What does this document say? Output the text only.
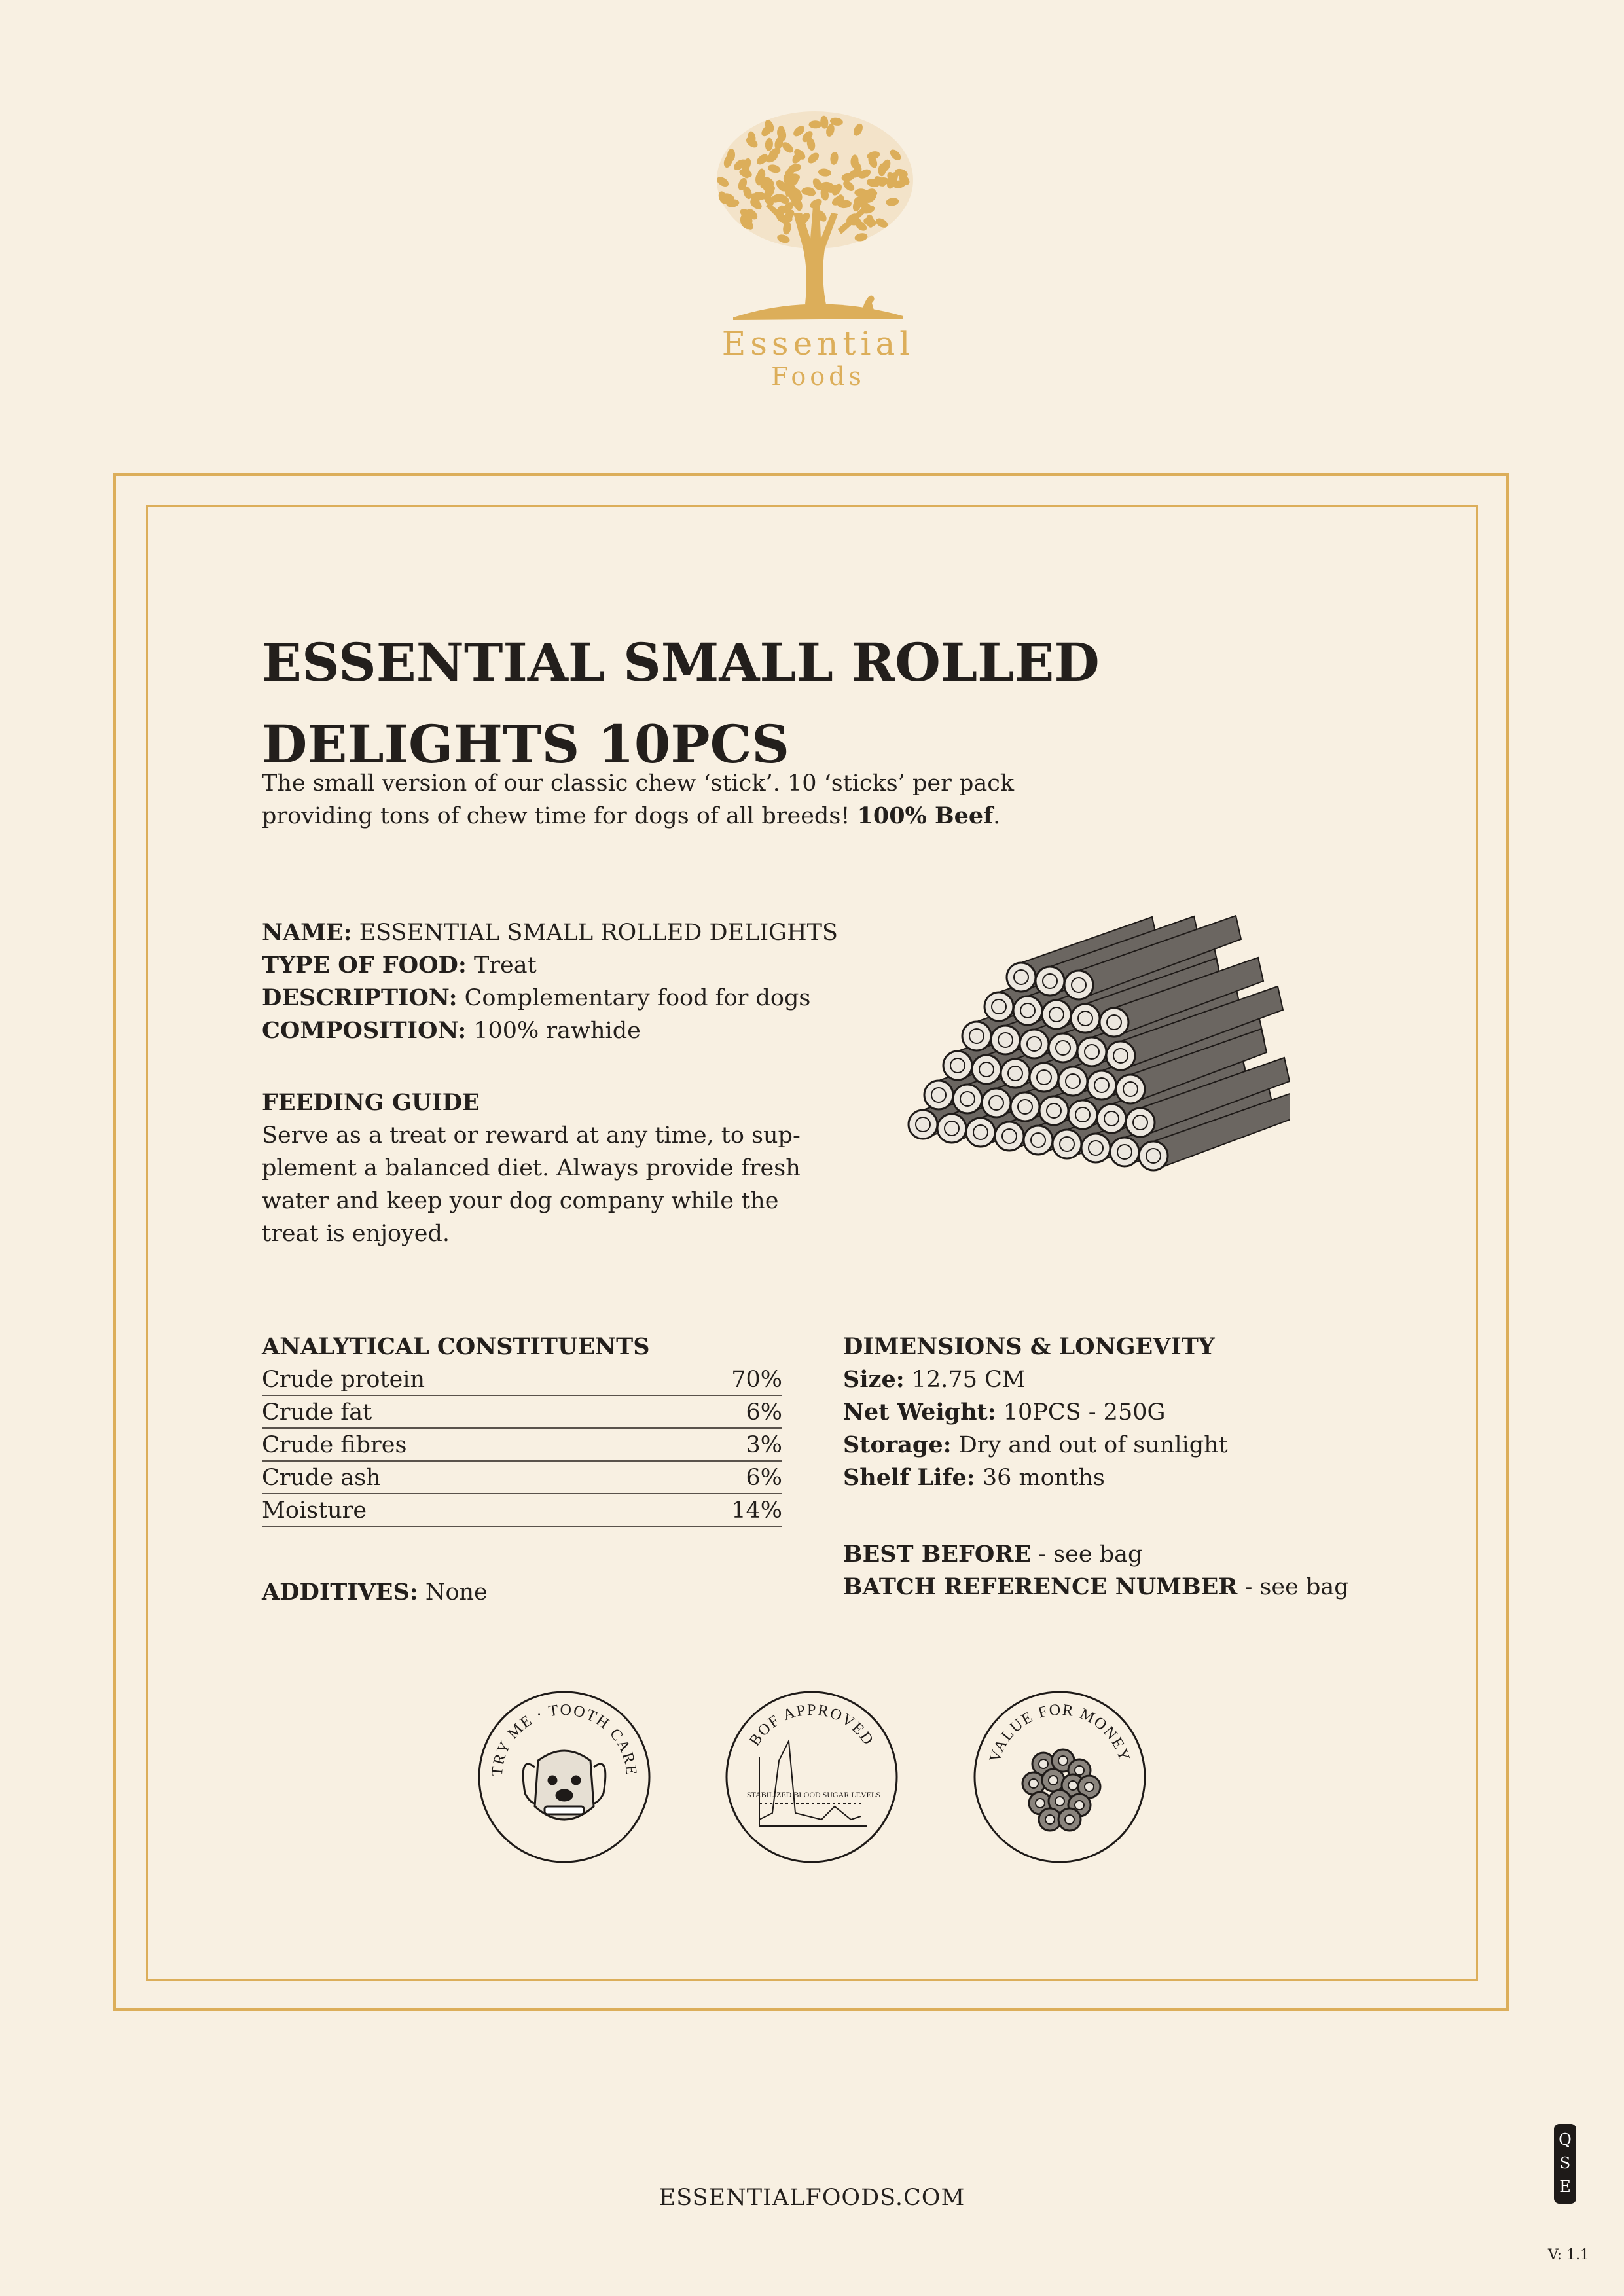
Essential
Foods
ESSENTIAL SMALL ROLLED
DELIGHTS 10PCS
The small version of our classic chew ‘stick’. 10 ‘sticks’ per pack providing tons of chew time for dogs of all breeds! 100% Beef.
NAME: ESSENTIAL SMALL ROLLED DELIGHTS
TYPE OF FOOD: Treat
DESCRIPTION: Complementary food for dogs
COMPOSITION: 100% rawhide
FEEDING GUIDE
Serve as a treat or reward at any time, to sup-
plement a balanced diet. Always provide fresh
water and keep your dog company while the
treat is enjoyed.
ANALYTICAL CONSTITUENTS
Crude protein	70%
Crude fat	6%
Crude fibres	3%
Crude ash	6%
Moisture	14%
ADDITIVES: None
DIMENSIONS & LONGEVITY
Size: 12.75 CM
Net Weight: 10PCS - 250G
Storage: Dry and out of sunlight
Shelf Life: 36 months
BEST BEFORE - see bag
BATCH REFERENCE NUMBER - see bag
TRY ME · TOOTH CARE
BOF APPROVED
STABILIZED BLOOD SUGAR LEVELS
VALUE FOR MONEY
ESSENTIALFOODS.COM
Q
S
E
V: 1.1
